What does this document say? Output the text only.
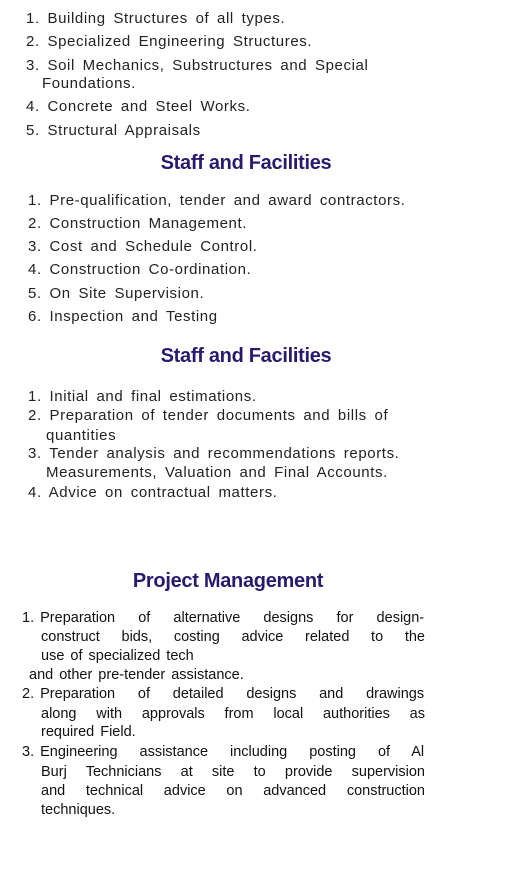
1. Building Structures of all types.
2. Specialized Engineering Structures.
3. Soil Mechanics, Substructures and Special
Foundations.
4. Concrete and Steel Works.
5. Structural Appraisals
Staff and Facilities
1. Pre-qualification, tender and award contractors.
2. Construction Management.
3. Cost and Schedule Control.
4. Construction Co-ordination.
5. On Site Supervision.
6. Inspection and Testing
Staff and Facilities
1. Initial and final estimations.
2. Preparation of tender documents and bills of
quantities
3. Tender analysis and recommendations reports.
Measurements, Valuation and Final Accounts.
4. Advice on contractual matters.
Project Management
1. Preparation of alternative designs for design-
construct bids, costing advice related to the
use of specialized tech
and other pre-tender assistance.
2. Preparation of detailed designs and drawings
along with approvals from local authorities as
required Field.
3. Engineering assistance including posting of Al
Burj Technicians at site to provide supervision
and technical advice on advanced construction
techniques.
